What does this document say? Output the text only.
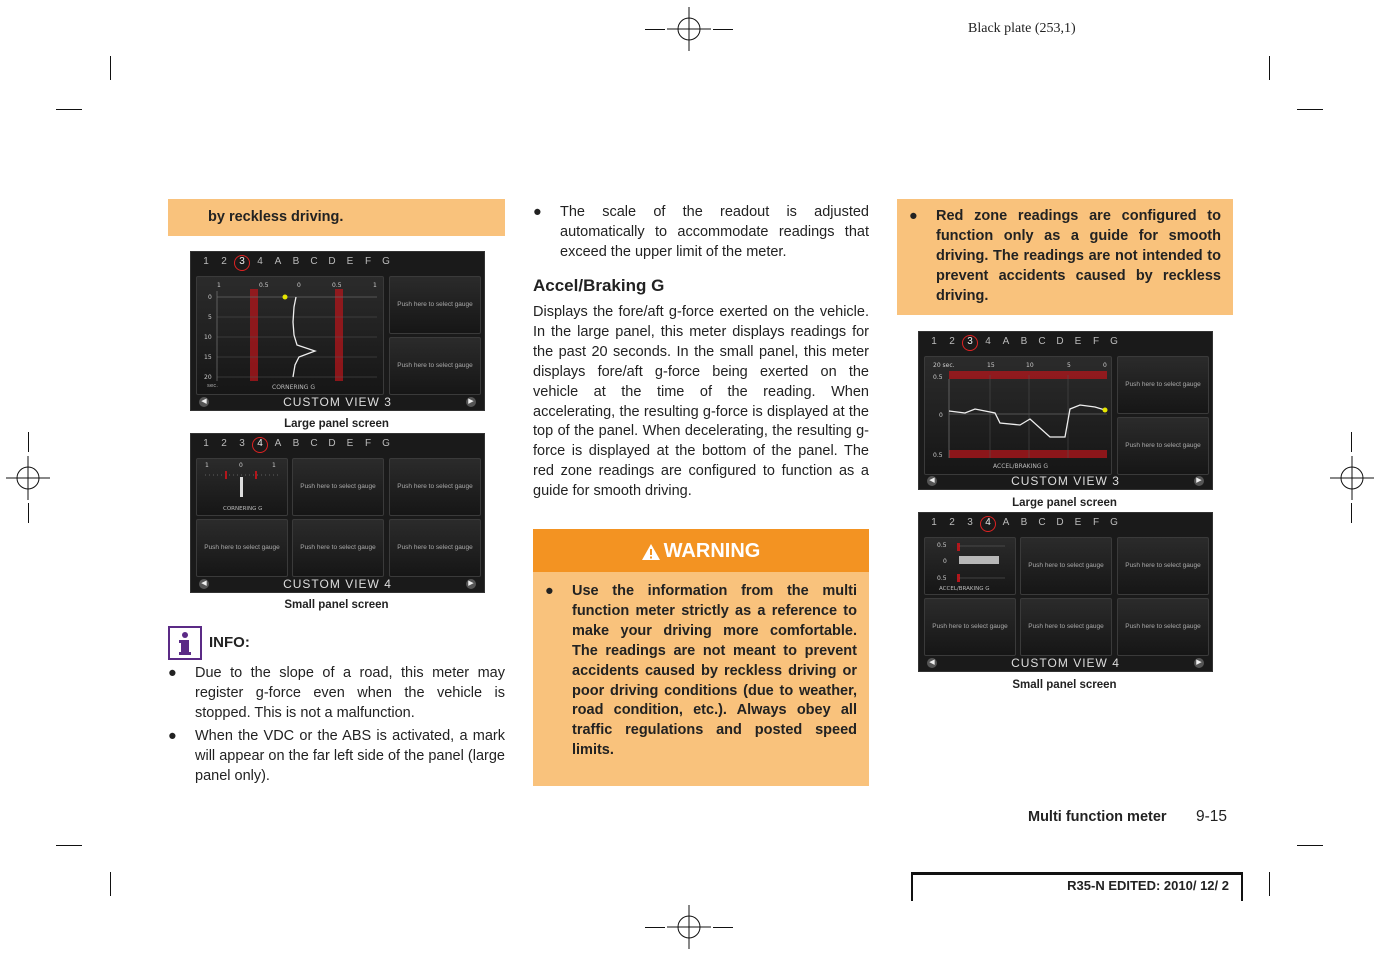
Black plate (253,1)
by reckless driving.
1 2 3 4 A B C D E F G
0.5
1	0	0.5	1
0
5
10
15
20
sec.	CORNERING G
Push here to select gauge
Push here to select gauge
◀	CUSTOM VIEW 3	▶
Large panel screen
1 2 3 4 A B C D E F G
1	0	1
CORNERING G
Push here to select gauge	Push here to select gauge
Push here to select gauge	Push here to select gauge	Push here to select gauge
◀	CUSTOM VIEW 4	▶
Small panel screen
INFO:
● Due to the slope of a road, this meter may register g-force even when the vehicle is stopped. This is not a malfunction.
● When the VDC or the ABS is activated, a mark will appear on the far left side of the panel (large panel only).
● The scale of the readout is adjusted automatically to accommodate readings that exceed the upper limit of the meter.
Accel/Braking G
Displays the fore/aft g-force exerted on the vehicle. In the large panel, this meter displays readings for the past 20 seconds. In the small panel, this meter displays fore/aft g-force being exerted on the vehicle at the time of the reading. When accelerating, the resulting g-force is displayed at the top of the panel. When decelerating, the resulting g-force is displayed at the bottom of the panel. The red zone readings are configured to function as a guide for smooth driving.
WARNING
● Use the information from the multi function meter strictly as a reference to make your driving more comfortable. The readings are not meant to prevent accidents caused by reckless driving or poor driving conditions (due to weather, road condition, etc.). Always obey all traffic regulations and posted speed limits.
● Red zone readings are configured to function only as a guide for smooth driving. The readings are not intended to prevent accidents caused by reckless driving.
1 2 3 4 A B C D E F G
20 sec.	15	10	5	0
0.5
0
0.5
ACCEL/BRAKING G
Push here to select gauge
Push here to select gauge
◀	CUSTOM VIEW 3	▶
Large panel screen
1 2 3 4 A B C D E F G
0.5
0
0.5
ACCEL/BRAKING G
Push here to select gauge	Push here to select gauge
Push here to select gauge	Push here to select gauge	Push here to select gauge
◀	CUSTOM VIEW 4	▶
Small panel screen
Multi function meter 9-15
R35-N EDITED: 2010/ 12/ 2
